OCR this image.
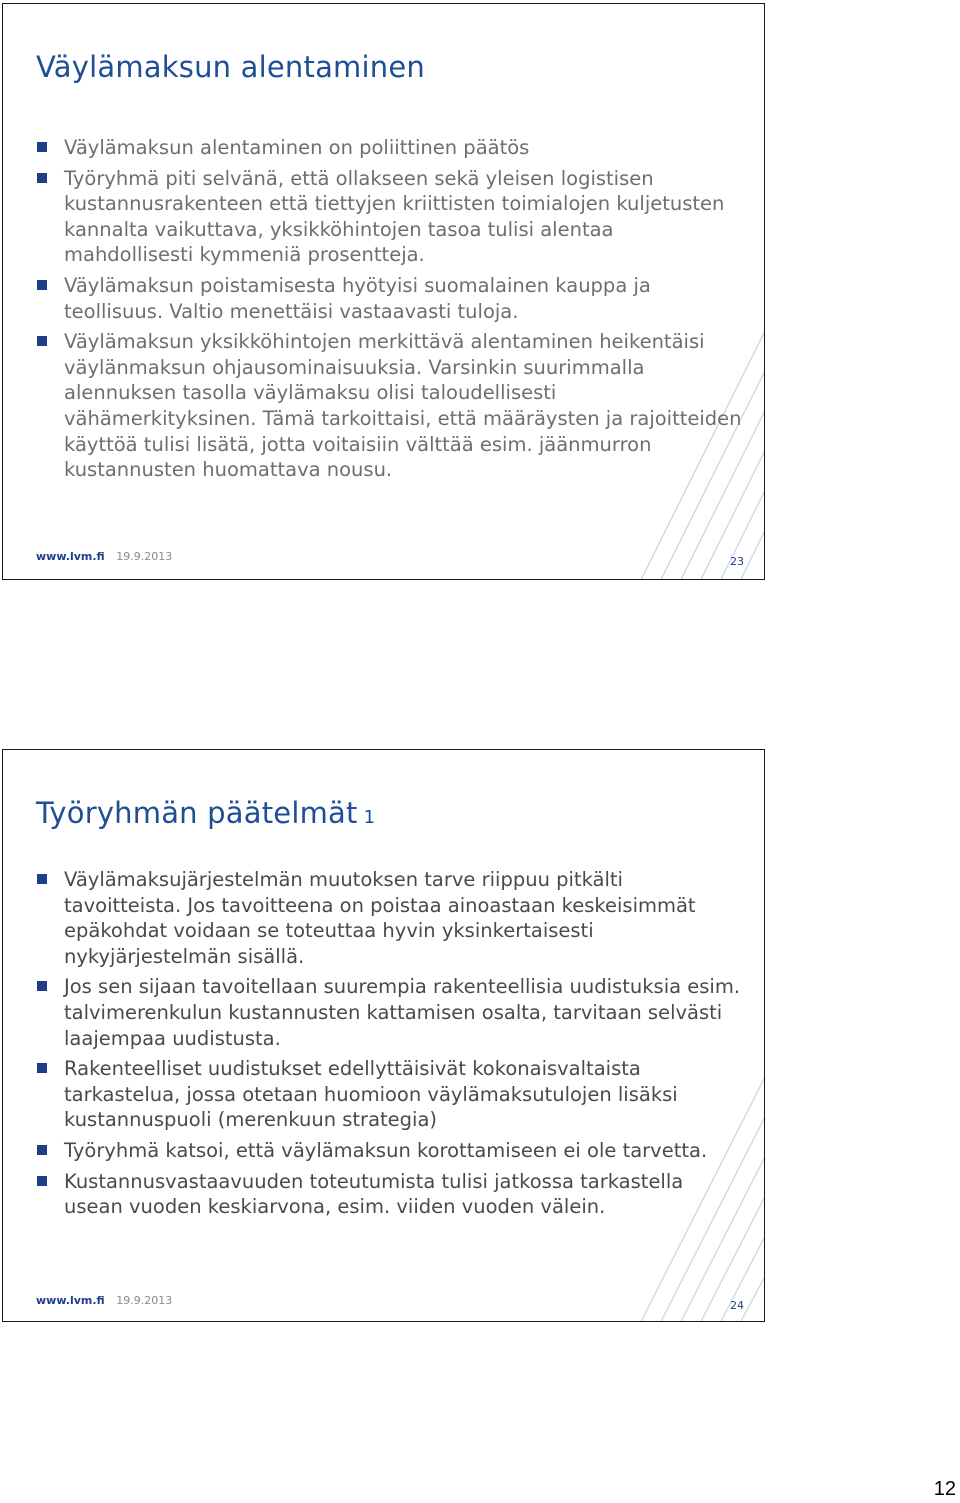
Väylämaksun alentaminen
Väylämaksun alentaminen on poliittinen päätös
Työryhmä piti selvänä, että ollakseen sekä yleisen logistisen kustannusrakenteen että tiettyjen kriittisten toimialojen kuljetusten kannalta vaikuttava, yksikköhintojen tasoa tulisi alentaa mahdollisesti kymmeniä prosentteja.
Väylämaksun poistamisesta hyötyisi suomalainen kauppa ja teollisuus. Valtio menettäisi vastaavasti tuloja.
Väylämaksun yksikköhintojen merkittävä alentaminen heikentäisi väylänmaksun ohjausominaisuuksia. Varsinkin suurimmalla alennuksen tasolla väylämaksu olisi taloudellisesti vähämerkityksinen. Tämä tarkoittaisi, että määräysten ja rajoitteiden käyttöä tulisi lisätä, jotta voitaisiin välttää esim. jäänmurron kustannusten huomattava nousu.
www.lvm.fi 19.9.2013	23
Työryhmän päätelmät 1
Väylämaksujärjestelmän muutoksen tarve riippuu pitkälti tavoitteista. Jos tavoitteena on poistaa ainoastaan keskeisimmät epäkohdat voidaan se toteuttaa hyvin yksinkertaisesti nykyjärjestelmän sisällä.
Jos sen sijaan tavoitellaan suurempia rakenteellisia uudistuksia esim. talvimerenkulun kustannusten kattamisen osalta, tarvitaan selvästi laajempaa uudistusta.
Rakenteelliset uudistukset edellyttäisivät kokonaisvaltaista tarkastelua, jossa otetaan huomioon väylämaksutulojen lisäksi kustannuspuoli (merenkuun strategia)
Työryhmä katsoi, että väylämaksun korottamiseen ei ole tarvetta.
Kustannusvastaavuuden toteutumista tulisi jatkossa tarkastella usean vuoden keskiarvona, esim. viiden vuoden välein.
www.lvm.fi 19.9.2013	24
12
